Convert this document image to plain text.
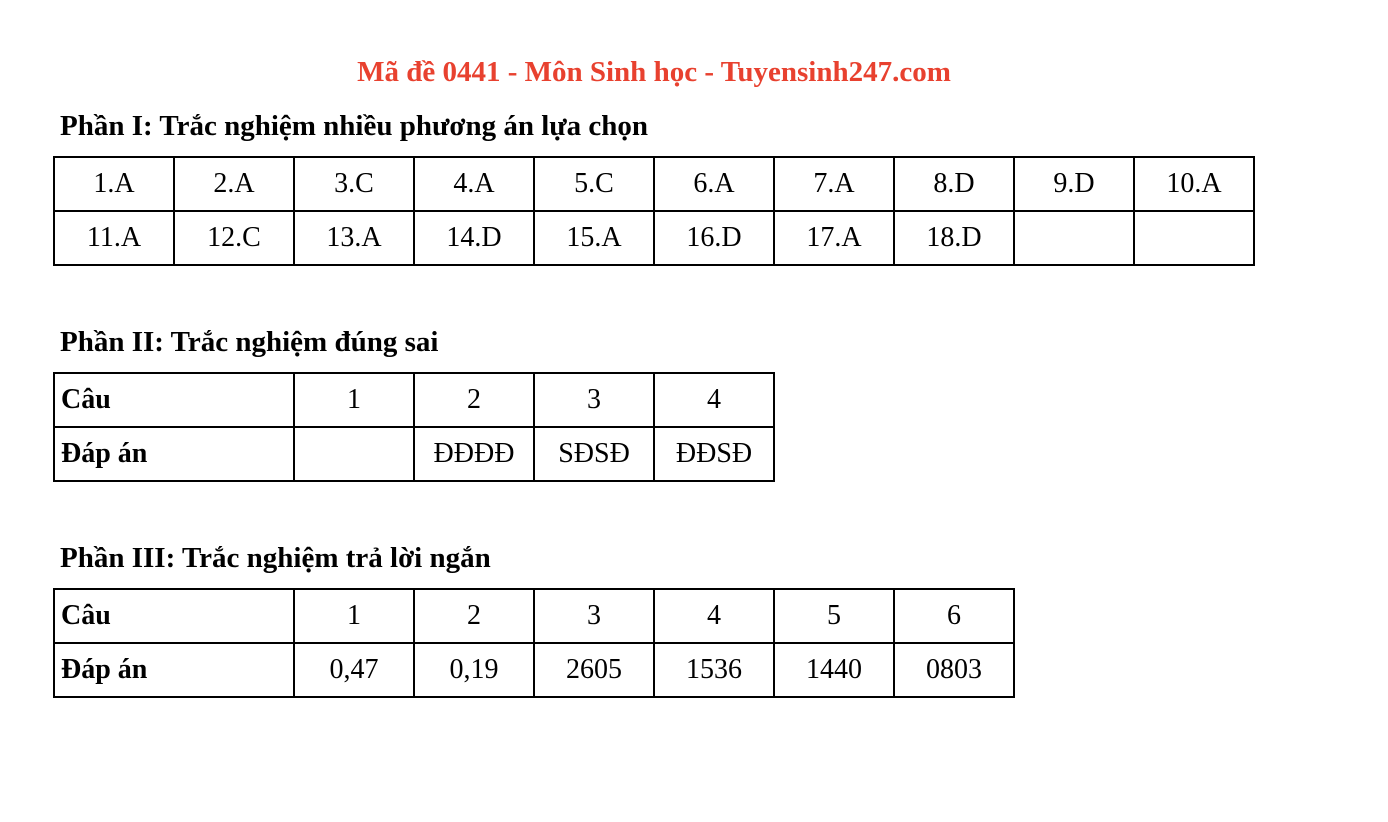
Mã đề 0441 - Môn Sinh học - Tuyensinh247.com
Phần I: Trắc nghiệm nhiều phương án lựa chọn
1.A	2.A	3.C	4.A	5.C	6.A	7.A	8.D	9.D	10.A
11.A	12.C	13.A	14.D	15.A	16.D	17.A	18.D		
Phần II: Trắc nghiệm đúng sai
Câu	1	2	3	4
Đáp án		ĐĐĐĐ	SĐSĐ	ĐĐSĐ
Phần III: Trắc nghiệm trả lời ngắn
Câu	1	2	3	4	5	6
Đáp án	0,47	0,19	2605	1536	1440	0803
